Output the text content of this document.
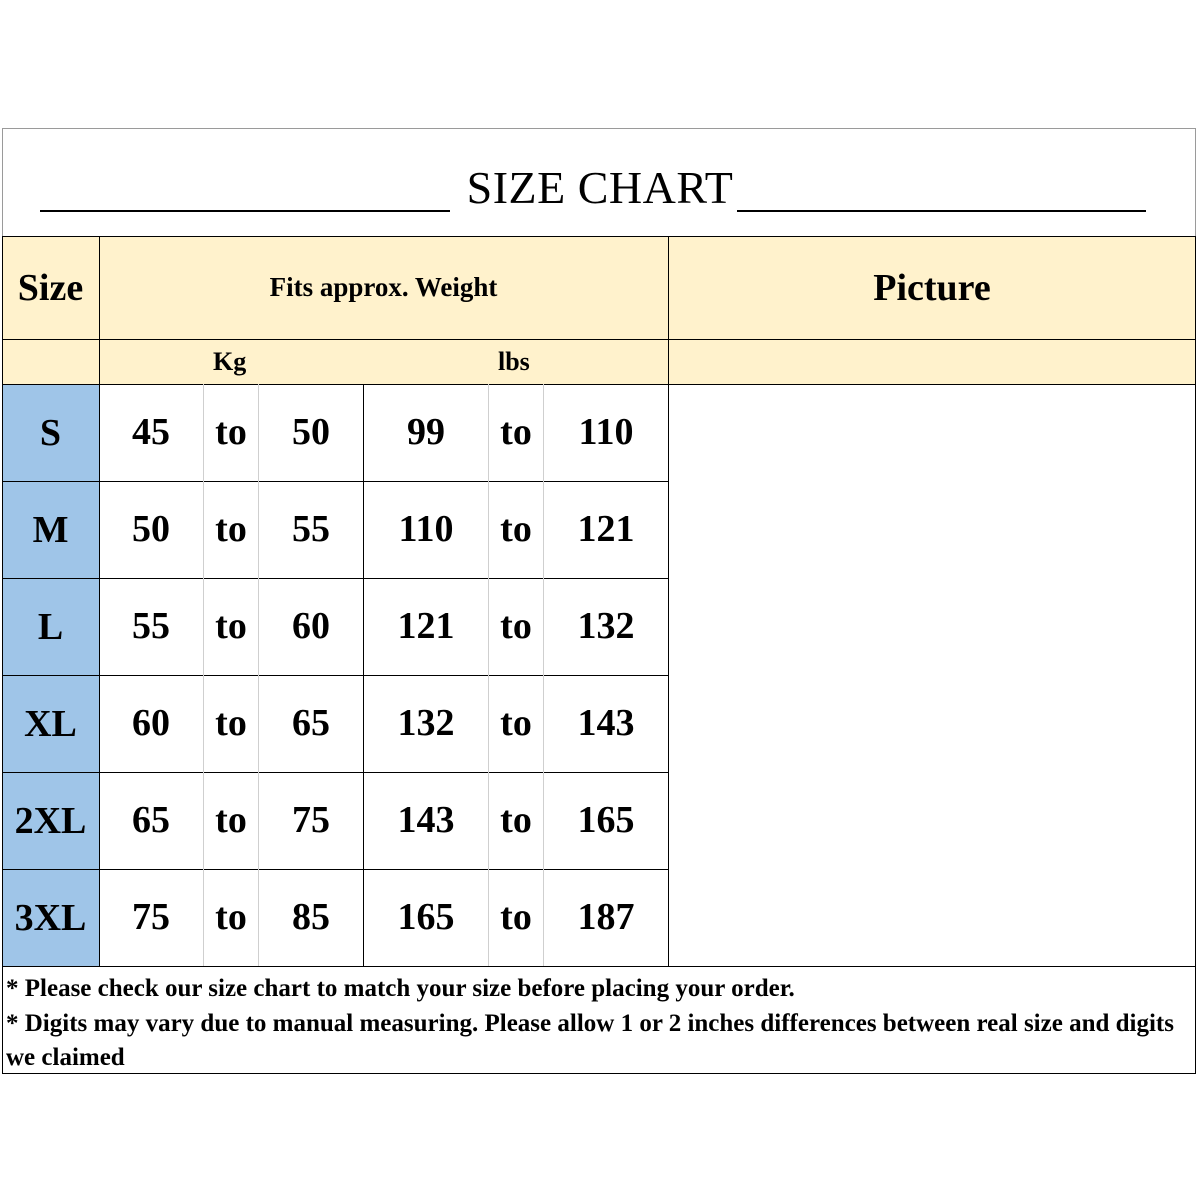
SIZE CHART
Size	Fits approx. Weight	Picture
Kg	lbs
S	45	to	50	99	to	110
M	50	to	55	110	to	121
L	55	to	60	121	to	132
XL	60	to	65	132	to	143
2XL	65	to	75	143	to	165
3XL	75	to	85	165	to	187
* Please check our size chart to match your size before placing your order.
* Digits may vary due to manual measuring. Please allow 1 or 2 inches differences between real size and digits we claimed
